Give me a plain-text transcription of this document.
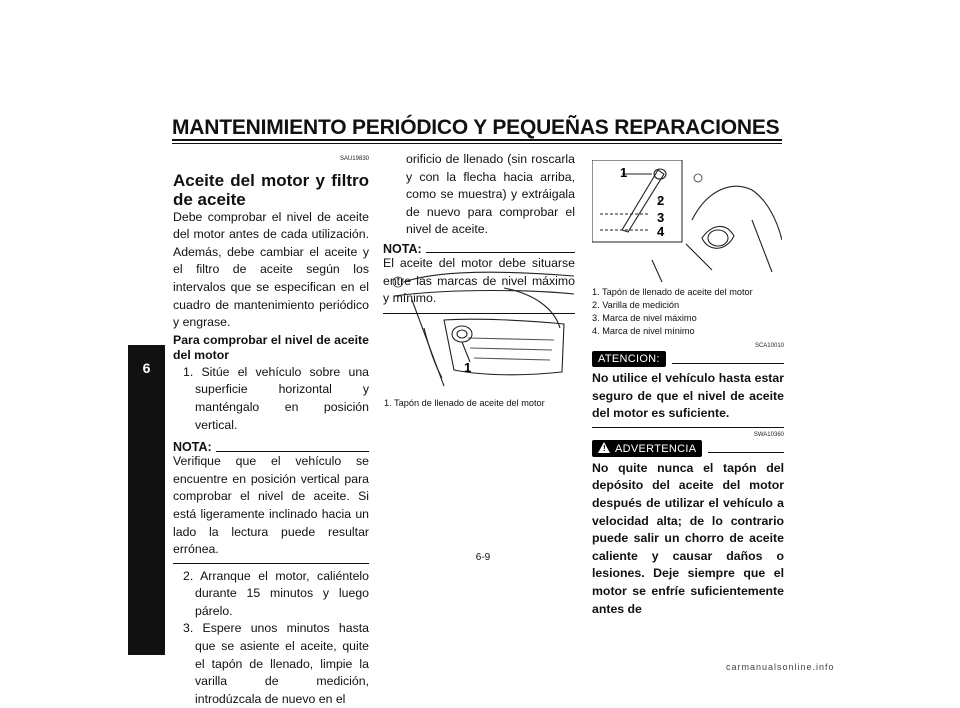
MANTENIMIENTO PERIÓDICO Y PEQUEÑAS REPARACIONES
6
SAU19830
Aceite del motor y filtro de aceite

Debe comprobar el nivel de aceite del motor antes de cada utilización. Además, debe cambiar el aceite y el filtro de aceite según los intervalos que se especifican en el cuadro de mantenimiento periódico y engrase.

Para comprobar el nivel de aceite del motor

1. Sitúe el vehículo sobre una superficie horizontal y manténgalo en posición vertical.

NOTA:

Verifique que el vehículo se encuentre en posición vertical para comprobar el nivel de aceite. Si está ligeramente inclinado hacia un lado la lectura puede resultar errónea.

2. Arranque el motor, caliéntelo durante 15 minutos y luego párelo.

3. Espere unos minutos hasta que se asiente el aceite, quite el tapón de llenado, limpie la varilla de medición, introdúzcala de nuevo en el

orificio de llenado (sin roscarla y con la flecha hacia arriba, como se muestra) y extráigala de nuevo para comprobar el nivel de aceite.

NOTA:

El aceite del motor debe situarse entre las marcas de nivel máximo y mínimo.

1
1. Tapón de llenado de aceite del motor
1
2
3
4
1. Tapón de llenado de aceite del motor
2. Varilla de medición
3. Marca de nivel máximo
4. Marca de nivel mínimo
SCA10010
ATENCION:

No utilice el vehículo hasta estar seguro de que el nivel de aceite del motor es suficiente.

SWA10360
! ADVERTENCIA

No quite nunca el tapón del depósito del aceite del motor después de utilizar el vehículo a velocidad alta; de lo contrario puede salir un chorro de aceite caliente y causar daños o lesiones. Deje siempre que el motor se enfríe suficientemente antes de

6-9
carmanualsonline.info
